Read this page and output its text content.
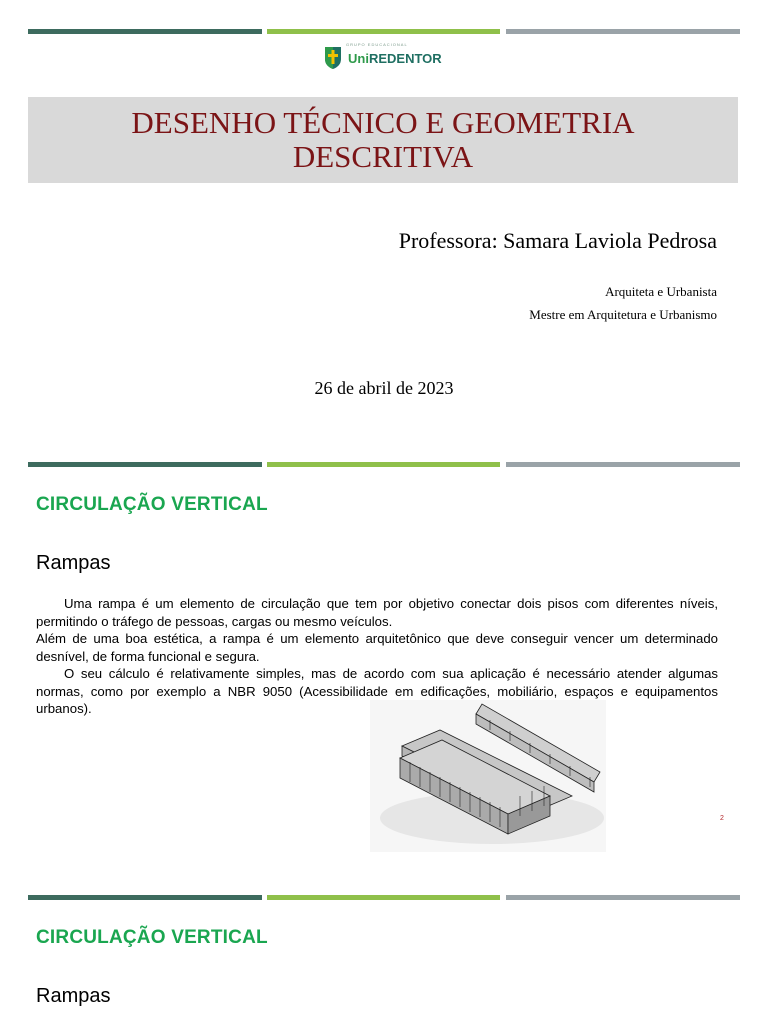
GRUPO EDUCACIONAL
UniREDENTOR
DESENHO TÉCNICO E GEOMETRIA
DESCRITIVA
Professora: Samara Laviola Pedrosa
Arquiteta e Urbanista
Mestre em Arquitetura e Urbanismo
26 de abril de 2023
CIRCULAÇÃO VERTICAL
Rampas

Uma rampa é um elemento de circulação que tem por objetivo conectar dois pisos com diferentes níveis, permitindo o tráfego de pessoas, cargas ou mesmo veículos.

Além de uma boa estética, a rampa é um elemento arquitetônico que deve conseguir vencer um determinado desnível, de forma funcional e segura.

O seu cálculo é relativamente simples, mas de acordo com sua aplicação é necessário atender algumas normas, como por exemplo a NBR 9050 (Acessibilidade em edificações, mobiliário, espaços e equipamentos urbanos).

2
CIRCULAÇÃO VERTICAL
Rampas
